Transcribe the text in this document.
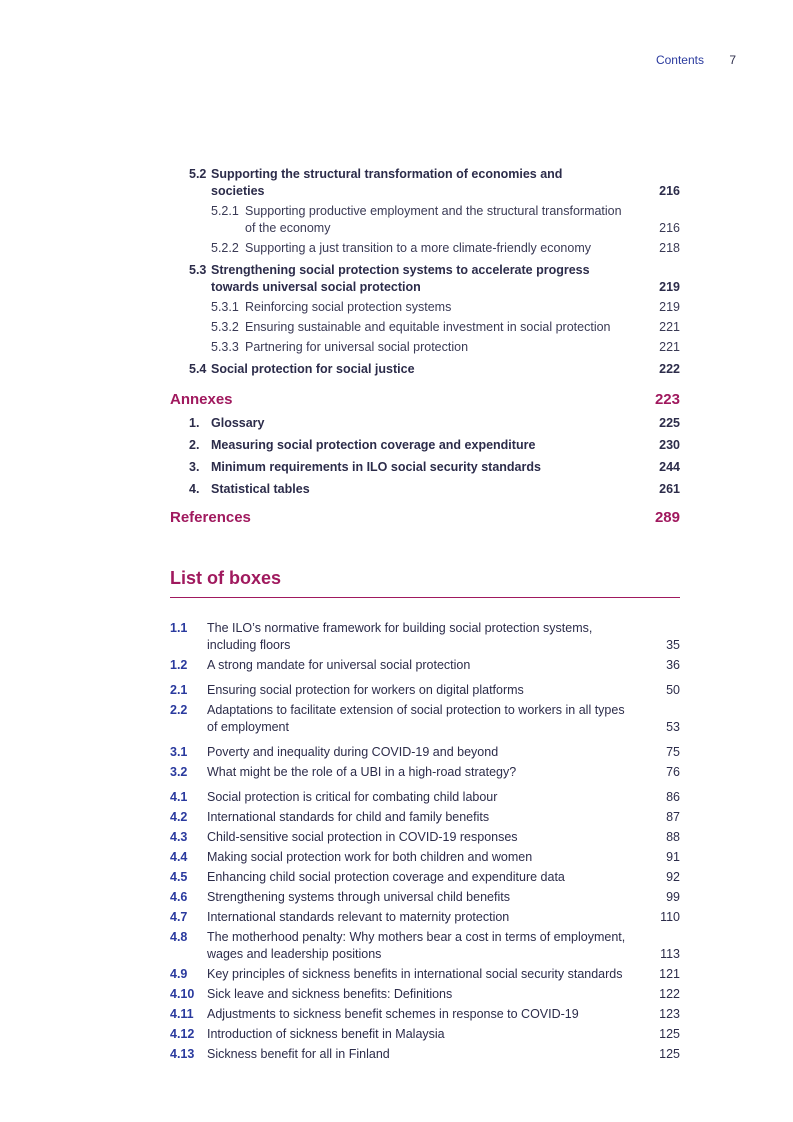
Contents 7
5.2 Supporting the structural transformation of economies and societies	216
5.2.1 Supporting productive employment and the structural transformation of the economy	216
5.2.2 Supporting a just transition to a more climate-friendly economy	218
5.3 Strengthening social protection systems to accelerate progress towards universal social protection	219
5.3.1 Reinforcing social protection systems	219
5.3.2 Ensuring sustainable and equitable investment in social protection	221
5.3.3 Partnering for universal social protection	221
5.4 Social protection for social justice	222
Annexes	223
1. Glossary	225
2. Measuring social protection coverage and expenditure	230
3. Minimum requirements in ILO social security standards	244
4. Statistical tables	261
References	289
List of boxes
1.1	The ILO’s normative framework for building social protection systems, including floors	35
1.2	A strong mandate for universal social protection	36
2.1	Ensuring social protection for workers on digital platforms	50
2.2	Adaptations to facilitate extension of social protection to workers in all types of employment	53
3.1	Poverty and inequality during COVID-19 and beyond	75
3.2	What might be the role of a UBI in a high-road strategy?	76
4.1	Social protection is critical for combating child labour	86
4.2	International standards for child and family benefits	87
4.3	Child-sensitive social protection in COVID-19 responses	88
4.4	Making social protection work for both children and women	91
4.5	Enhancing child social protection coverage and expenditure data	92
4.6	Strengthening systems through universal child benefits	99
4.7	International standards relevant to maternity protection	110
4.8	The motherhood penalty: Why mothers bear a cost in terms of employment, wages and leadership positions	113
4.9	Key principles of sickness benefits in international social security standards	121
4.10	Sick leave and sickness benefits: Definitions	122
4.11	Adjustments to sickness benefit schemes in response to COVID-19	123
4.12	Introduction of sickness benefit in Malaysia	125
4.13	Sickness benefit for all in Finland	125
